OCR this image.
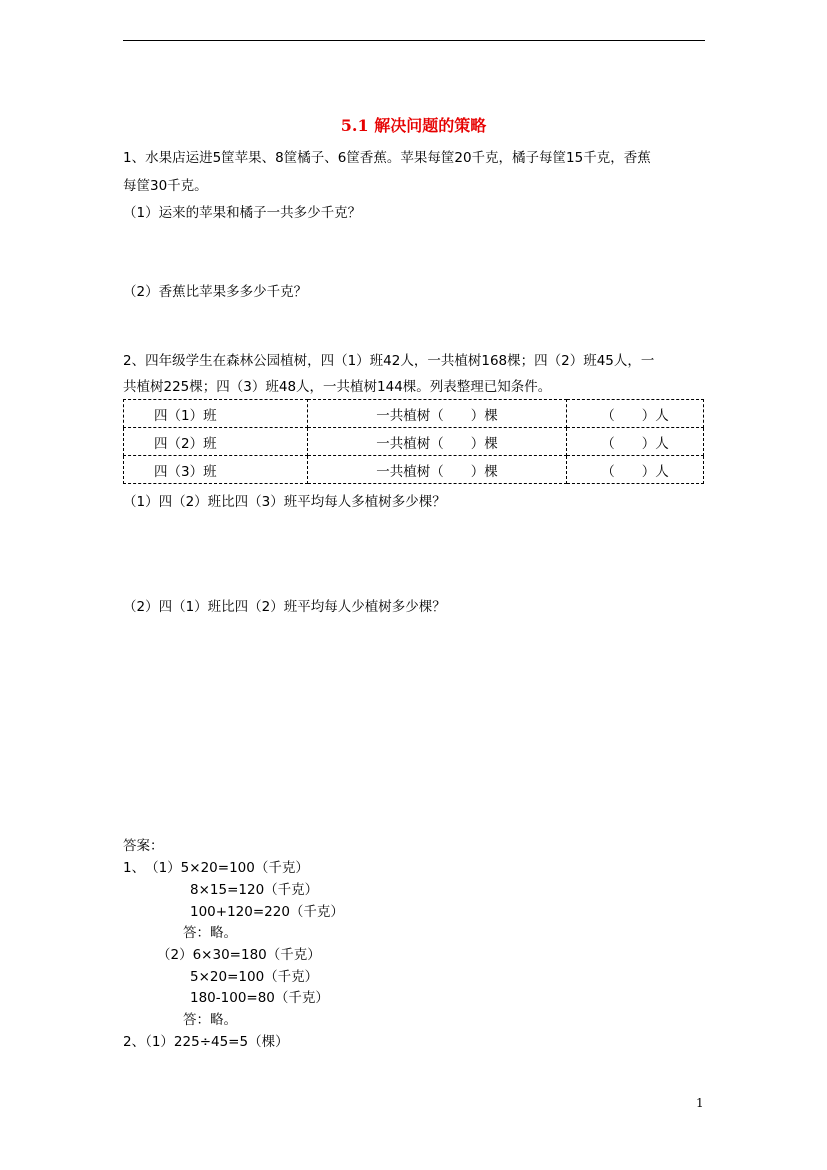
5.1 解决问题的策略
1、水果店运进5筐苹果、8筐橘子、6筐香蕉。苹果每筐20千克，橘子每筐15千克，香蕉
每筐30千克。
（1）运来的苹果和橘子一共多少千克？
（2）香蕉比苹果多多少千克？
2、四年级学生在森林公园植树，四（1）班42人，一共植树168棵；四（2）班45人，一
共植树225棵；四（3）班48人，一共植树144棵。列表整理已知条件。
四（1）班	一共植树（　　）棵	（　　）人
四（2）班	一共植树（　　）棵	（　　）人
四（3）班	一共植树（　　）棵	（　　）人
（1）四（2）班比四（3）班平均每人多植树多少棵？
（2）四（1）班比四（2）班平均每人少植树多少棵？
答案：
1、　（1）5×20=100（千克）
8×15=120（千克）
100+120=220（千克）
答：略。
（2）6×30=180（千克）
5×20=100（千克）
180-100=80（千克）
答：略。
2、（1）225÷45=5（棵）
1
